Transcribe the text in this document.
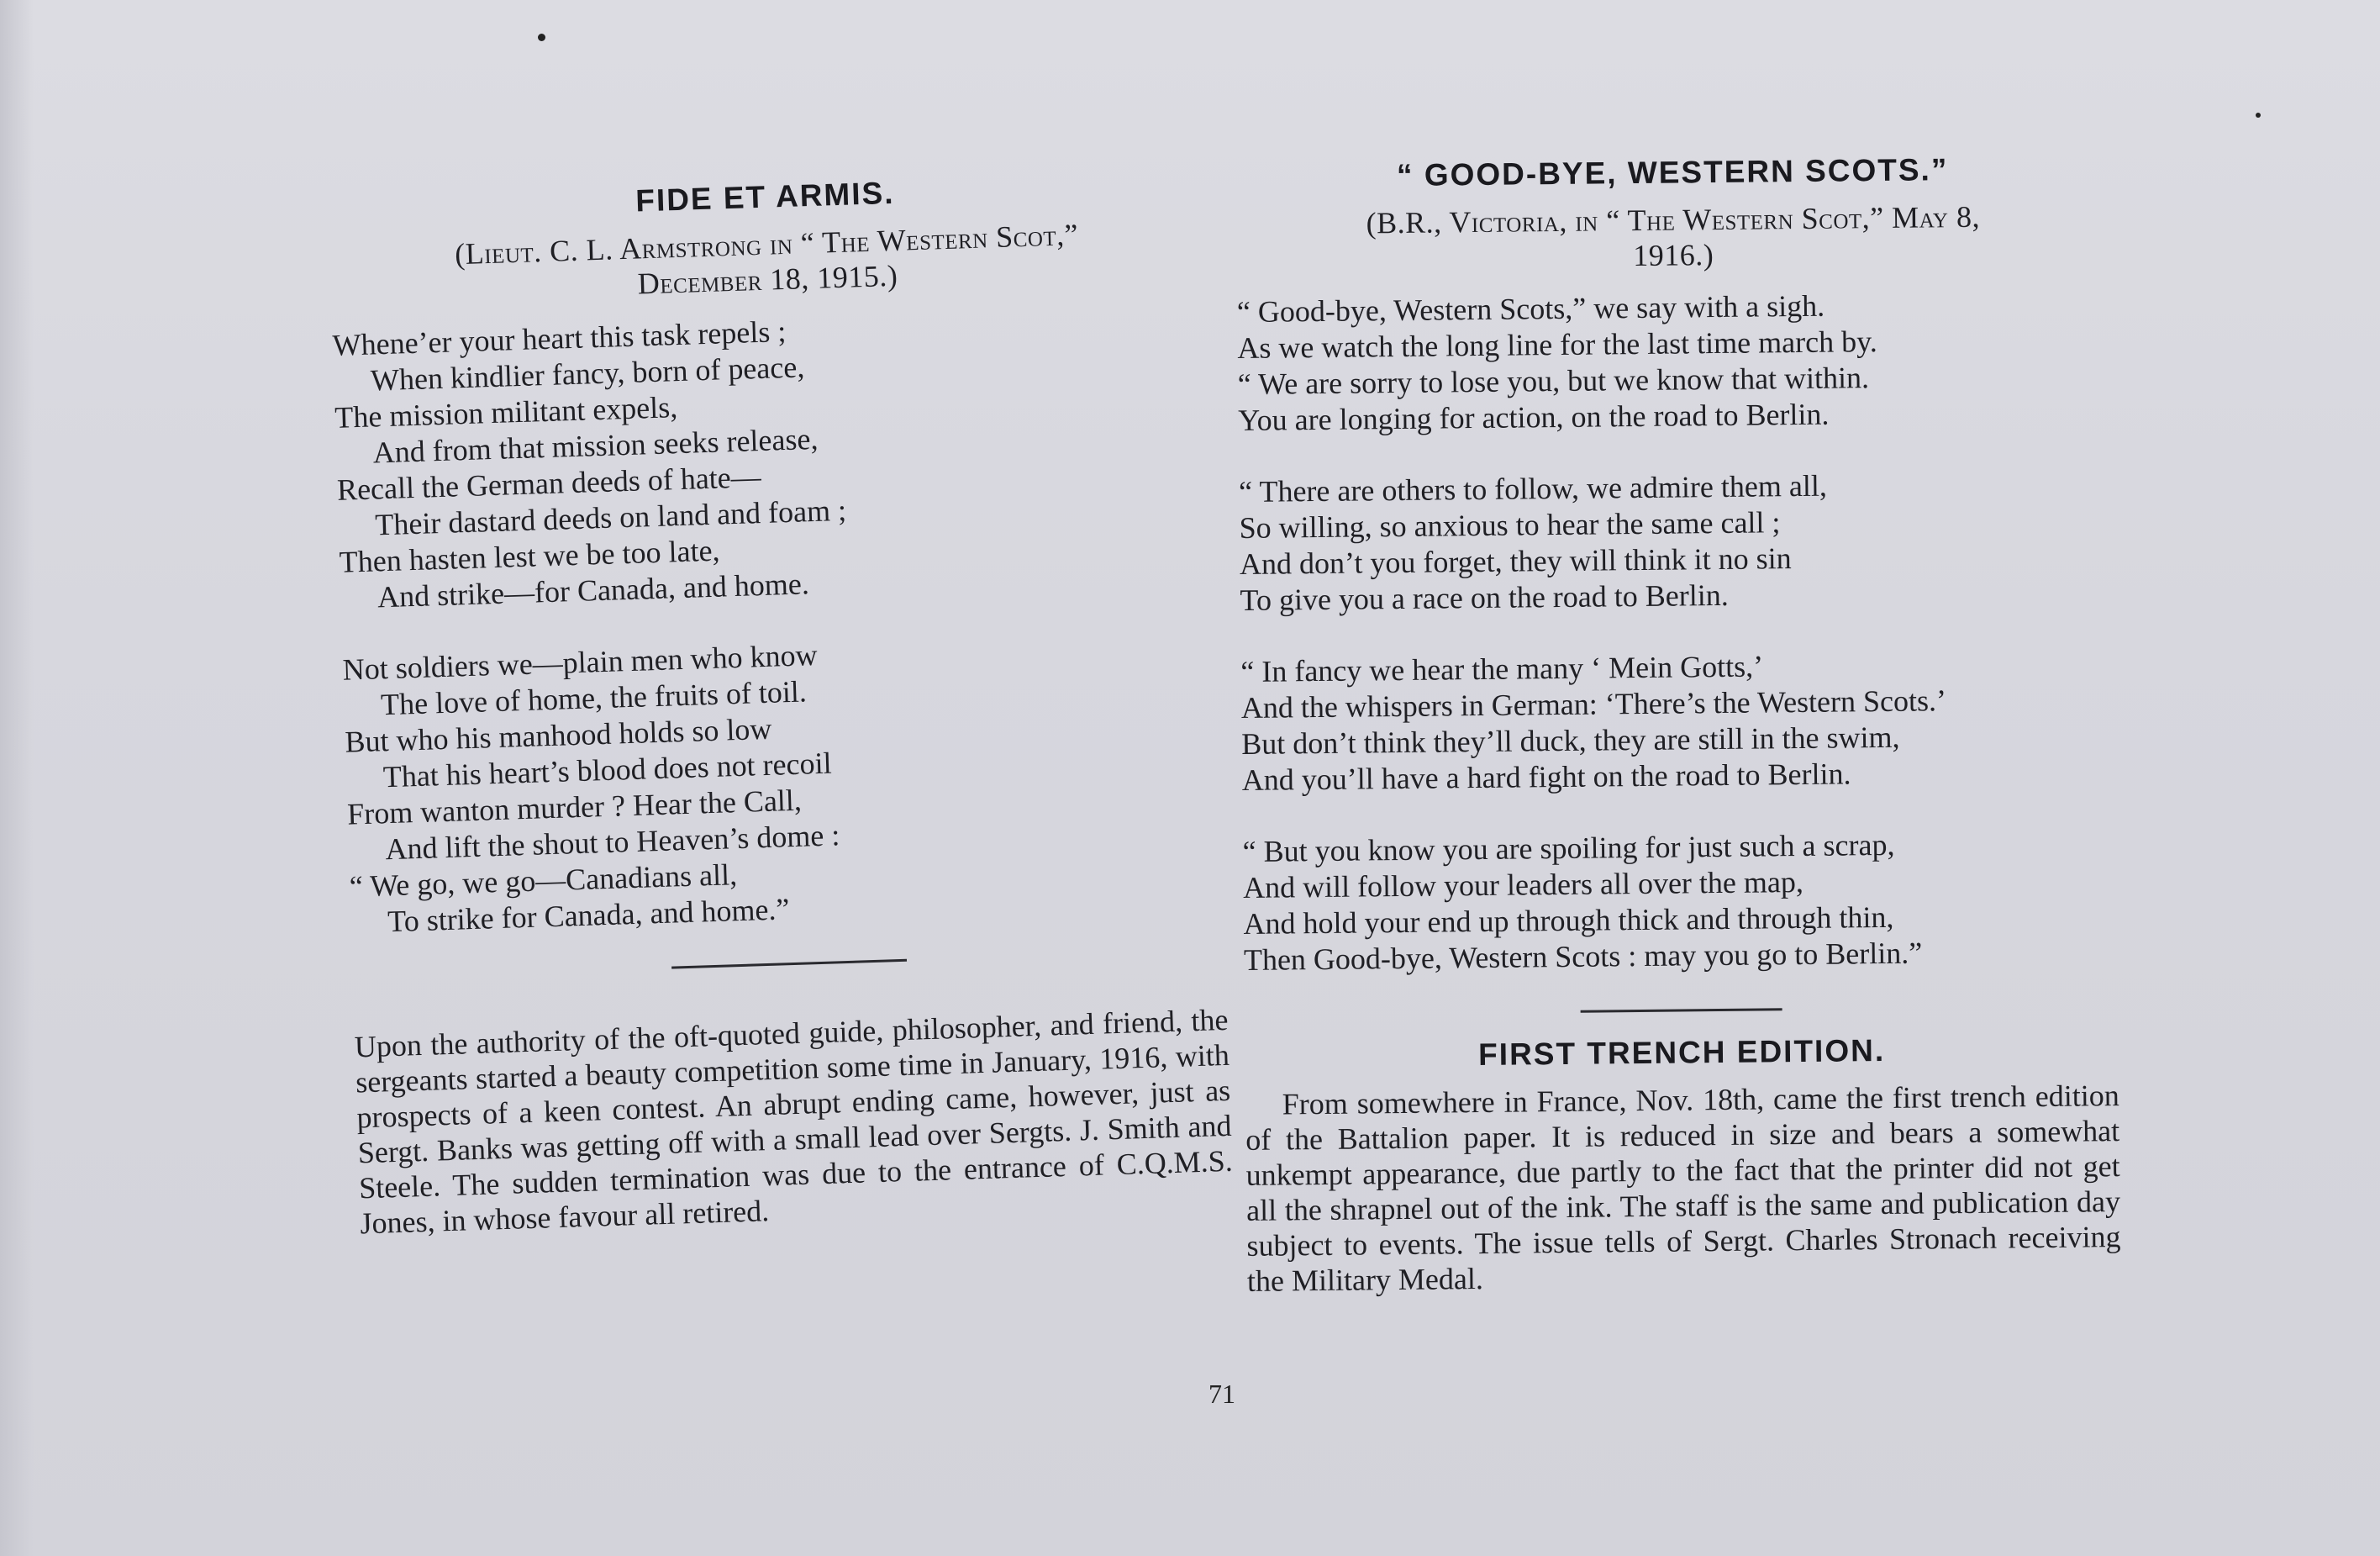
FIDE ET ARMIS.
(Lieut. C. L. Armstrong in “ The Western Scot,”
December 18, 1915.)
Whene’er your heart this task repels ;
When kindlier fancy, born of peace,
The mission militant expels,
And from that mission seeks release,
Recall the German deeds of hate—
Their dastard deeds on land and foam ;
Then hasten lest we be too late,
And strike—for Canada, and home.
Not soldiers we—plain men who know
The love of home, the fruits of toil.
But who his manhood holds so low
That his heart’s blood does not recoil
From wanton murder ? Hear the Call,
And lift the shout to Heaven’s dome :
“ We go, we go—Canadians all,
To strike for Canada, and home.”

Upon the authority of the oft-quoted guide, philosopher, and friend, the sergeants started a beauty competition some time in January, 1916, with prospects of a keen contest. An abrupt ending came, however, just as Sergt. Banks was getting off with a small lead over Sergts. J. Smith and Steele. The sudden termination was due to the entrance of C.Q.M.S. Jones, in whose favour all retired.

“ GOOD-BYE, WESTERN SCOTS.”
(B.R., Victoria, in “ The Western Scot,” May 8,
1916.)
“ Good-bye, Western Scots,” we say with a sigh.
As we watch the long line for the last time march by.
“ We are sorry to lose you, but we know that within.
You are longing for action, on the road to Berlin.
“ There are others to follow, we admire them all,
So willing, so anxious to hear the same call ;
And don’t you forget, they will think it no sin
To give you a race on the road to Berlin.
“ In fancy we hear the many ‘ Mein Gotts,’
And the whispers in German: ‘There’s the Western Scots.’
But don’t think they’ll duck, they are still in the swim,
And you’ll have a hard fight on the road to Berlin.
“ But you know you are spoiling for just such a scrap,
And will follow your leaders all over the map,
And hold your end up through thick and through thin,
Then Good-bye, Western Scots : may you go to Berlin.”
FIRST TRENCH EDITION.

From somewhere in France, Nov. 18th, came the first trench edition of the Battalion paper. It is reduced in size and bears a somewhat unkempt appearance, due partly to the fact that the printer did not get all the shrapnel out of the ink. The staff is the same and publication day subject to events. The issue tells of Sergt. Charles Stronach receiving the Military Medal.

71
